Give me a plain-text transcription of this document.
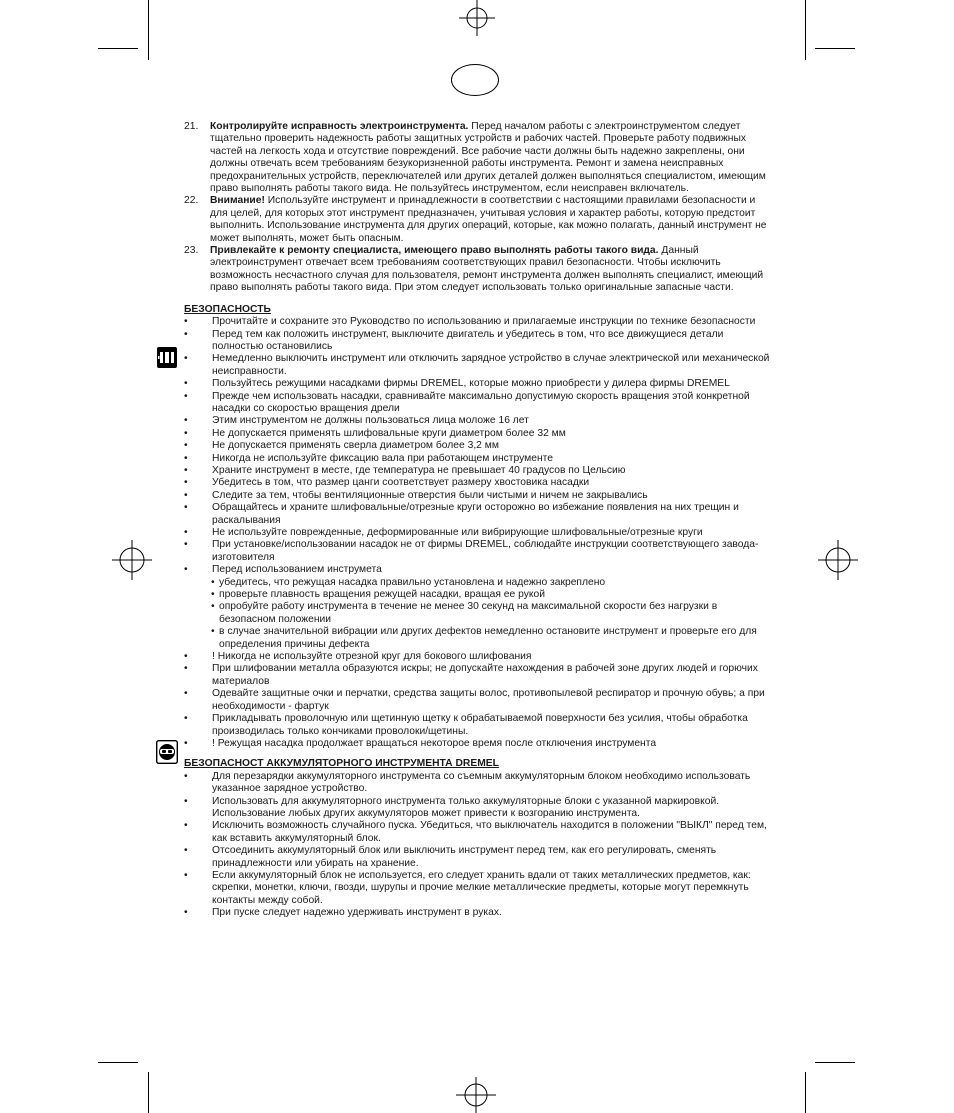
21. Контролируйте исправность электроинструмента. Перед началом работы с электроинструментом следует тщательно проверить надежность работы защитных устройств и рабочих частей. Проверьте работу подвижных частей на легкость хода и отсутствие повреждений. Все рабочие части должны быть надежно закреплены, они должны отвечать всем требованиям безукоризненной работы инструмента. Ремонт и замена неисправных предохранительных устройств, переключателей или других деталей должен выполняться специалистом, имеющим право выполнять работы такого вида. Не пользуйтесь инструментом, если неисправен включатель.

22. Внимание! Используйте инструмент и принадлежности в соответствии с настоящими правилами безопасности и для целей, для которых этот инструмент предназначен, учитывая условия и характер работы, которую предстоит выполнить. Использование инструмента для других операций, которые, как можно полагать, данный инструмент не может выполнять, может быть опасным.

23. Привлекайте к ремонту специалиста, имеющего право выполнять работы такого вида. Данный электроинструмент отвечает всем требованиям соответствующих правил безопасности. Чтобы исключить возможность несчастного случая для пользователя, ремонт инструмента должен выполнять специалист, имеющий право выполнять работы такого вида. При этом следует использовать только оригинальные запасные части.

БЕЗОПАСНОСТЬ

• Прочитайте и сохраните это Руководство по использованию и прилагаемые инструкции по технике безопасности

• Перед тем как положить инструмент, выключите двигатель и убедитесь в том, что все движущиеся детали полностью остановились

• Немедленно выключить инструмент или отключить зарядное устройство в случае электрической или механической неисправности.

• Пользуйтесь режущими насадками фирмы DREMEL, которые можно приобрести у дилера фирмы DREMEL

• Прежде чем использовать насадки, сравнивайте максимально допустимую скорость вращения этой конкретной насадки со скоростью вращения дрели

• Этим инструментом не должны пользоваться лица моложе 16 лет

• Не допускается применять шлифовальные круги диаметром более 32 мм

• Не допускается применять сверла диаметром более 3,2 мм

• Никогда не используйте фиксацию вала при работающем инструменте

• Храните инструмент в месте, где температура не превышает 40 градусов по Цельсию

• Убедитесь в том, что размер цанги соответствует размеру хвостовика насадки

• Следите за тем, чтобы вентиляционные отверстия были чистыми и ничем не закрывались

• Обращайтесь и храните шлифовальные/отрезные круги осторожно во избежание появления на них трещин и раскалывания

• Не используйте поврежденные, деформированные или вибрирующие шлифовальные/отрезные круги

• При установке/использовании насадок не от фирмы DREMEL, соблюдайте инструкции соответствующего завода-изготовителя

• Перед использованием инструмета

• убедитесь, что режущая насадка правильно установлена и надежно закреплено

• проверьте плавность вращения режущей насадки, вращая ее рукой

• опробуйте работу инструмента в течение не менее 30 секунд на максимальной скорости без нагрузки в безопасном положении

• в случае значительной вибрации или других дефектов немедленно остановите инструмент и проверьте его для определения причины дефекта

• ! Никогда не используйте отрезной круг для бокового шлифования

• При шлифовании металла образуются искры; не допускайте нахождения в рабочей зоне других людей и горючих материалов

• Одевайте защитные очки и перчатки, средства защиты волос, противопылевой респиратор и прочную обувь; а при необходимости - фартук

• Прикладывать проволочную или щетинную щетку к обрабатываемой поверхности без усилия, чтобы обработка производилась только кончиками проволоки/щетины.

• ! Режущая насадка продолжает вращаться некоторое время после отключения инструмента

БЕЗОПАСНОСТ АККУМУЛЯТОРНОГО ИНСТРУМЕНТА DREMEL

• Для перезарядки аккумуляторного инструмента со съемным аккумуляторным блоком необходимо использовать указанное зарядное устройство.

• Использовать для аккумуляторного инструмента только аккумуляторные блоки с указанной маркировкой. Использование любых других аккумуляторов может привести к возгоранию инструмента.

• Исключить возможность случайного пуска. Убедиться, что выключатель находится в положении "ВЫКЛ" перед тем, как вставить аккумуляторный блок.

• Отсоединить аккумуляторный блок или выключить инструмент перед тем, как его регулировать, сменять принадлежности или убирать на хранение.

• Если аккумуляторный блок не используется, его следует хранить вдали от таких металлических предметов, как: скрепки, монетки, ключи, гвозди, шурупы и прочие мелкие металлические предметы, которые могут перемкнуть контакты между собой.

• При пуске следует надежно удерживать инструмент в руках.
